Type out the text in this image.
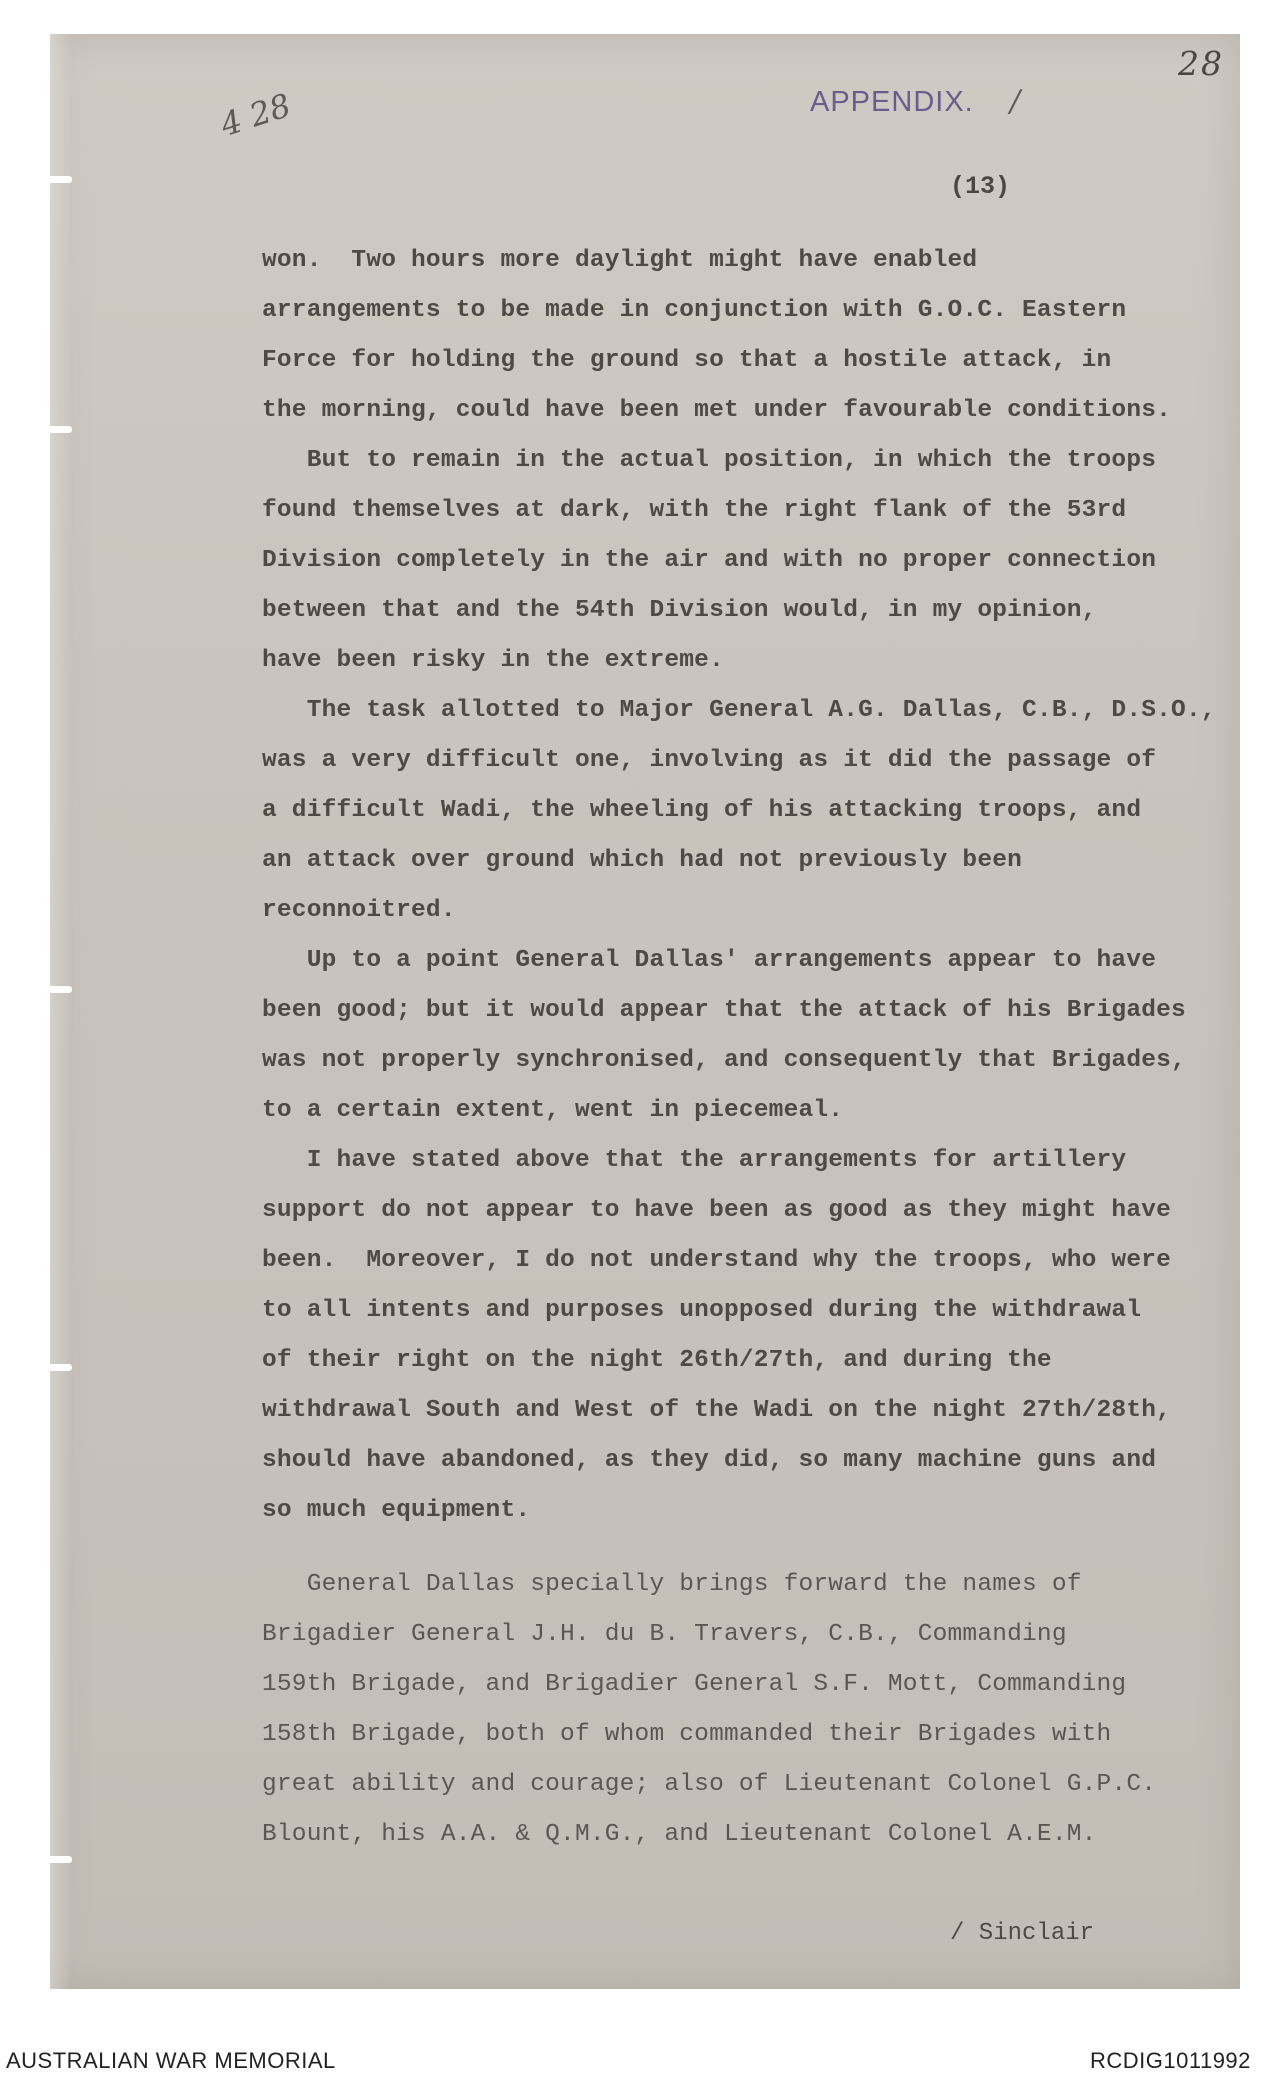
28
4 28	APPENDIX. /
(13)
won.  Two hours more daylight might have enabled
arrangements to be made in conjunction with G.O.C. Eastern
Force for holding the ground so that a hostile attack, in
the morning, could have been met under favourable conditions.
But to remain in the actual position, in which the troops
found themselves at dark, with the right flank of the 53rd
Division completely in the air and with no proper connection
between that and the 54th Division would, in my opinion,
have been risky in the extreme.
The task allotted to Major General A.G. Dallas, C.B., D.S.O.,
was a very difficult one, involving as it did the passage of
a difficult Wadi, the wheeling of his attacking troops, and
an attack over ground which had not previously been
reconnoitred.
Up to a point General Dallas' arrangements appear to have
been good; but it would appear that the attack of his Brigades
was not properly synchronised, and consequently that Brigades,
to a certain extent, went in piecemeal.
I have stated above that the arrangements for artillery
support do not appear to have been as good as they might have
been.  Moreover, I do not understand why the troops, who were
to all intents and purposes unopposed during the withdrawal
of their right on the night 26th/27th, and during the
withdrawal South and West of the Wadi on the night 27th/28th,
should have abandoned, as they did, so many machine guns and
so much equipment.
General Dallas specially brings forward the names of
Brigadier General J.H. du B. Travers, C.B., Commanding
159th Brigade, and Brigadier General S.F. Mott, Commanding
158th Brigade, both of whom commanded their Brigades with
great ability and courage; also of Lieutenant Colonel G.P.C.
Blount, his A.A. & Q.M.G., and Lieutenant Colonel A.E.M.
/ Sinclair
AUSTRALIAN WAR MEMORIAL	RCDIG1011992
